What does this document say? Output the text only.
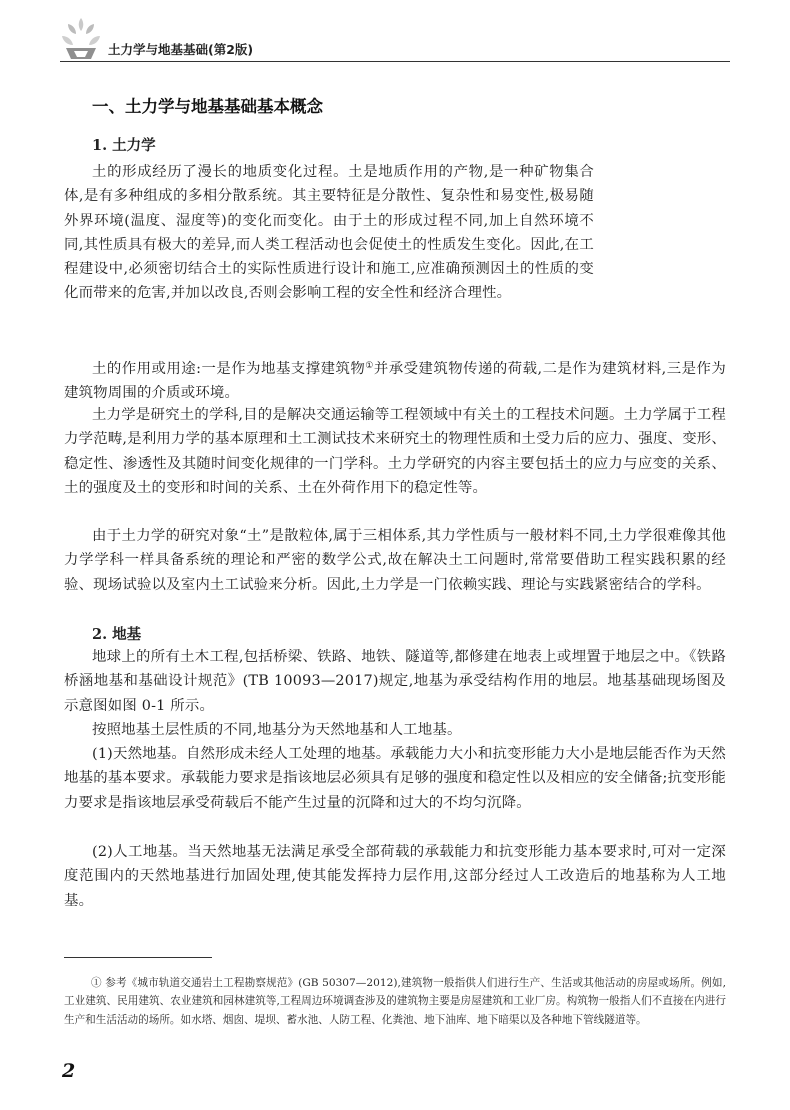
土力学与地基基础(第2版)
一、土力学与地基基础基本概念
1. 土力学

土的形成经历了漫长的地质变化过程。土是地质作用的产物,是一种矿物集合体,是有多种组成的多相分散系统。其主要特征是分散性、复杂性和易变性,极易随外界环境(温度、湿度等)的变化而变化。由于土的形成过程不同,加上自然环境不同,其性质具有极大的差异,而人类工程活动也会促使土的性质发生变化。因此,在工程建设中,必须密切结合土的实际性质进行设计和施工,应准确预测因土的性质的变化而带来的危害,并加以改良,否则会影响工程的安全性和经济合理性。

土的作用或用途:一是作为地基支撑建筑物①并承受建筑物传递的荷载,二是作为建筑材料,三是作为建筑物周围的介质或环境。

土力学是研究土的学科,目的是解决交通运输等工程领域中有关土的工程技术问题。土力学属于工程力学范畴,是利用力学的基本原理和土工测试技术来研究土的物理性质和土受力后的应力、强度、变形、稳定性、渗透性及其随时间变化规律的一门学科。土力学研究的内容主要包括土的应力与应变的关系、土的强度及土的变形和时间的关系、土在外荷作用下的稳定性等。

由于土力学的研究对象“土”是散粒体,属于三相体系,其力学性质与一般材料不同,土力学很难像其他力学学科一样具备系统的理论和严密的数学公式,故在解决土工问题时,常常要借助工程实践积累的经验、现场试验以及室内土工试验来分析。因此,土力学是一门依赖实践、理论与实践紧密结合的学科。

2. 地基

地球上的所有土木工程,包括桥梁、铁路、地铁、隧道等,都修建在地表上或埋置于地层之中。《铁路桥涵地基和基础设计规范》(TB 10093—2017)规定,地基为承受结构作用的地层。地基基础现场图及示意图如图 0-1 所示。

按照地基土层性质的不同,地基分为天然地基和人工地基。

(1)天然地基。自然形成未经人工处理的地基。承载能力大小和抗变形能力大小是地层能否作为天然地基的基本要求。承载能力要求是指该地层必须具有足够的强度和稳定性以及相应的安全储备;抗变形能力要求是指该地层承受荷载后不能产生过量的沉降和过大的不均匀沉降。

(2)人工地基。当天然地基无法满足承受全部荷载的承载能力和抗变形能力基本要求时,可对一定深度范围内的天然地基进行加固处理,使其能发挥持力层作用,这部分经过人工改造后的地基称为人工地基。

① 参考《城市轨道交通岩土工程勘察规范》(GB 50307—2012),建筑物一般指供人们进行生产、生活或其他活动的房屋或场所。例如,工业建筑、民用建筑、农业建筑和园林建筑等,工程周边环境调查涉及的建筑物主要是房屋建筑和工业厂房。构筑物一般指人们不直接在内进行生产和生活活动的场所。如水塔、烟囱、堤坝、蓄水池、人防工程、化粪池、地下油库、地下暗渠以及各种地下管线隧道等。

2
